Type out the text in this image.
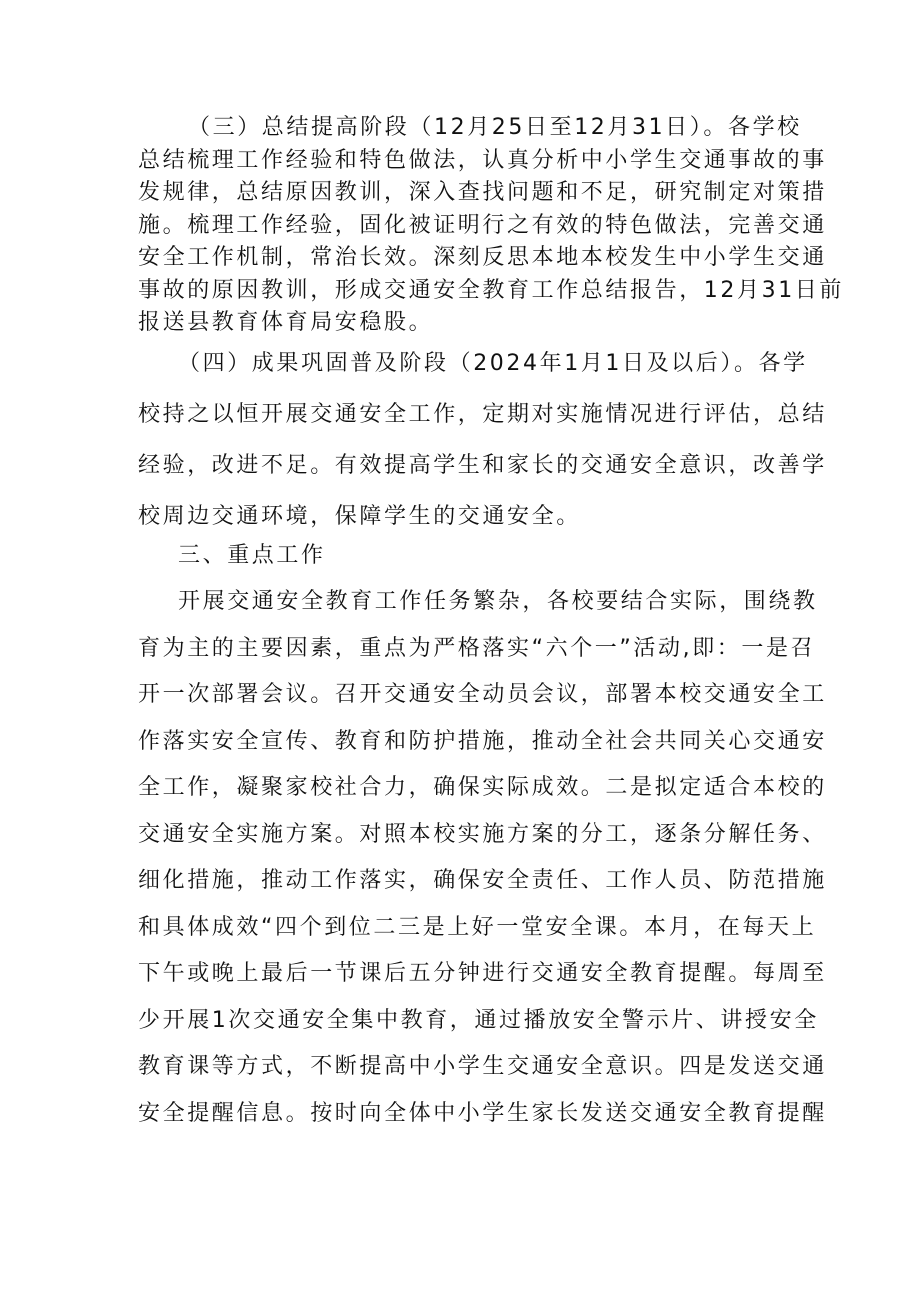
（三）总结提高阶段（12月25日至12月31日）。各学校
总结梳理工作经验和特色做法，认真分析中小学生交通事故的事
发规律，总结原因教训，深入查找问题和不足，研究制定对策措
施。梳理工作经验，固化被证明行之有效的特色做法，完善交通
安全工作机制，常治长效。深刻反思本地本校发生中小学生交通
事故的原因教训，形成交通安全教育工作总结报告，12月31日前
报送县教育体育局安稳股。
（四）成果巩固普及阶段（2024年1月1日及以后）。各学
校持之以恒开展交通安全工作，定期对实施情况进行评估，总结
经验，改进不足。有效提高学生和家长的交通安全意识，改善学
校周边交通环境，保障学生的交通安全。
三、重点工作
开展交通安全教育工作任务繁杂，各校要结合实际，围绕教
育为主的主要因素，重点为严格落实“六个一”活动,即：一是召
开一次部署会议。召开交通安全动员会议，部署本校交通安全工
作落实安全宣传、教育和防护措施，推动全社会共同关心交通安
全工作，凝聚家校社合力，确保实际成效。二是拟定适合本校的
交通安全实施方案。对照本校实施方案的分工，逐条分解任务、
细化措施，推动工作落实，确保安全责任、工作人员、防范措施
和具体成效“四个到位二三是上好一堂安全课。本月，在每天上
下午或晚上最后一节课后五分钟进行交通安全教育提醒。每周至
少开展1次交通安全集中教育，通过播放安全警示片、讲授安全
教育课等方式，不断提高中小学生交通安全意识。四是发送交通
安全提醒信息。按时向全体中小学生家长发送交通安全教育提醒
